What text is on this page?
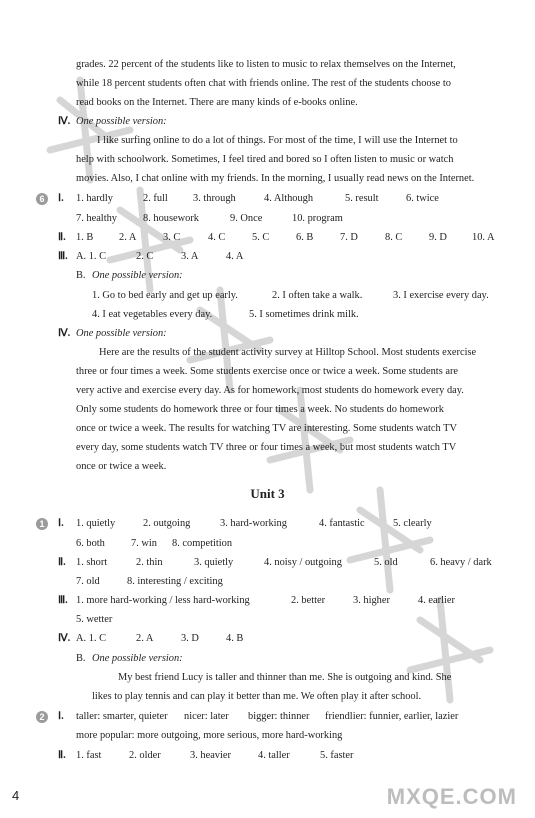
grades. 22 percent of the students like to listen to music to relax themselves on the Internet,
while 18 percent students often chat with friends online. The rest of the students choose to
read books on the Internet. There are many kinds of e-books online.
Ⅳ. One possible version:
I like surfing online to do a lot of things. For most of the time, I will use the Internet to
help with schoolwork. Sometimes, I feel tired and bored so I often listen to music or watch
movies. Also, I chat online with my friends. In the morning, I usually read news on the Internet.
6	Ⅰ. 1. hardly	2. full 3. through	4. Although	5. result	6. twice
7. healthy	8. housework	9. Once	10. program
Ⅱ. 1. B 2. A	3. C	4. C	5. C	6. B	7. D	8. C	9. D 10. A
Ⅲ. A. 1. C	2. C	3. A	4. A
B. One possible version:
1. Go to bed early and get up early.	2. I often take a walk.	3. I exercise every day.
4. I eat vegetables every day.	5. I sometimes drink milk.
Ⅳ. One possible version:
Here are the results of the student activity survey at Hilltop School. Most students exercise
three or four times a week. Some students exercise once or twice a week. Some students are
very active and exercise every day. As for homework, most students do homework every day.
Only some students do homework three or four times a week. No students do homework
once or twice a week. The results for watching TV are interesting. Some students watch TV
every day, some students watch TV three or four times a week, but most students watch TV
once or twice a week.
Unit 3
1	Ⅰ. 1. quietly	2. outgoing	3. hard-working	4. fantastic	5. clearly
6. both	7. win 8. competition
Ⅱ. 1. short	2. thin	3. quietly	4. noisy / outgoing	5. old	6. heavy / dark
7. old	8. interesting / exciting
Ⅲ. 1. more hard-working / less hard-working	2. better	3. higher	4. earlier
5. wetter
Ⅳ. A. 1. C	2. A	3. D	4. B
B. One possible version:
My best friend Lucy is taller and thinner than me. She is outgoing and kind. She
likes to play tennis and can play it better than me. We often play it after school.
2	Ⅰ. taller: smarter, quieter nicer: later bigger: thinner friendlier: funnier, earlier, lazier
more popular: more outgoing, more serious, more hard-working
Ⅱ. 1. fast	2. older	3. heavier	4. taller	5. faster
4	MXQE.COM
